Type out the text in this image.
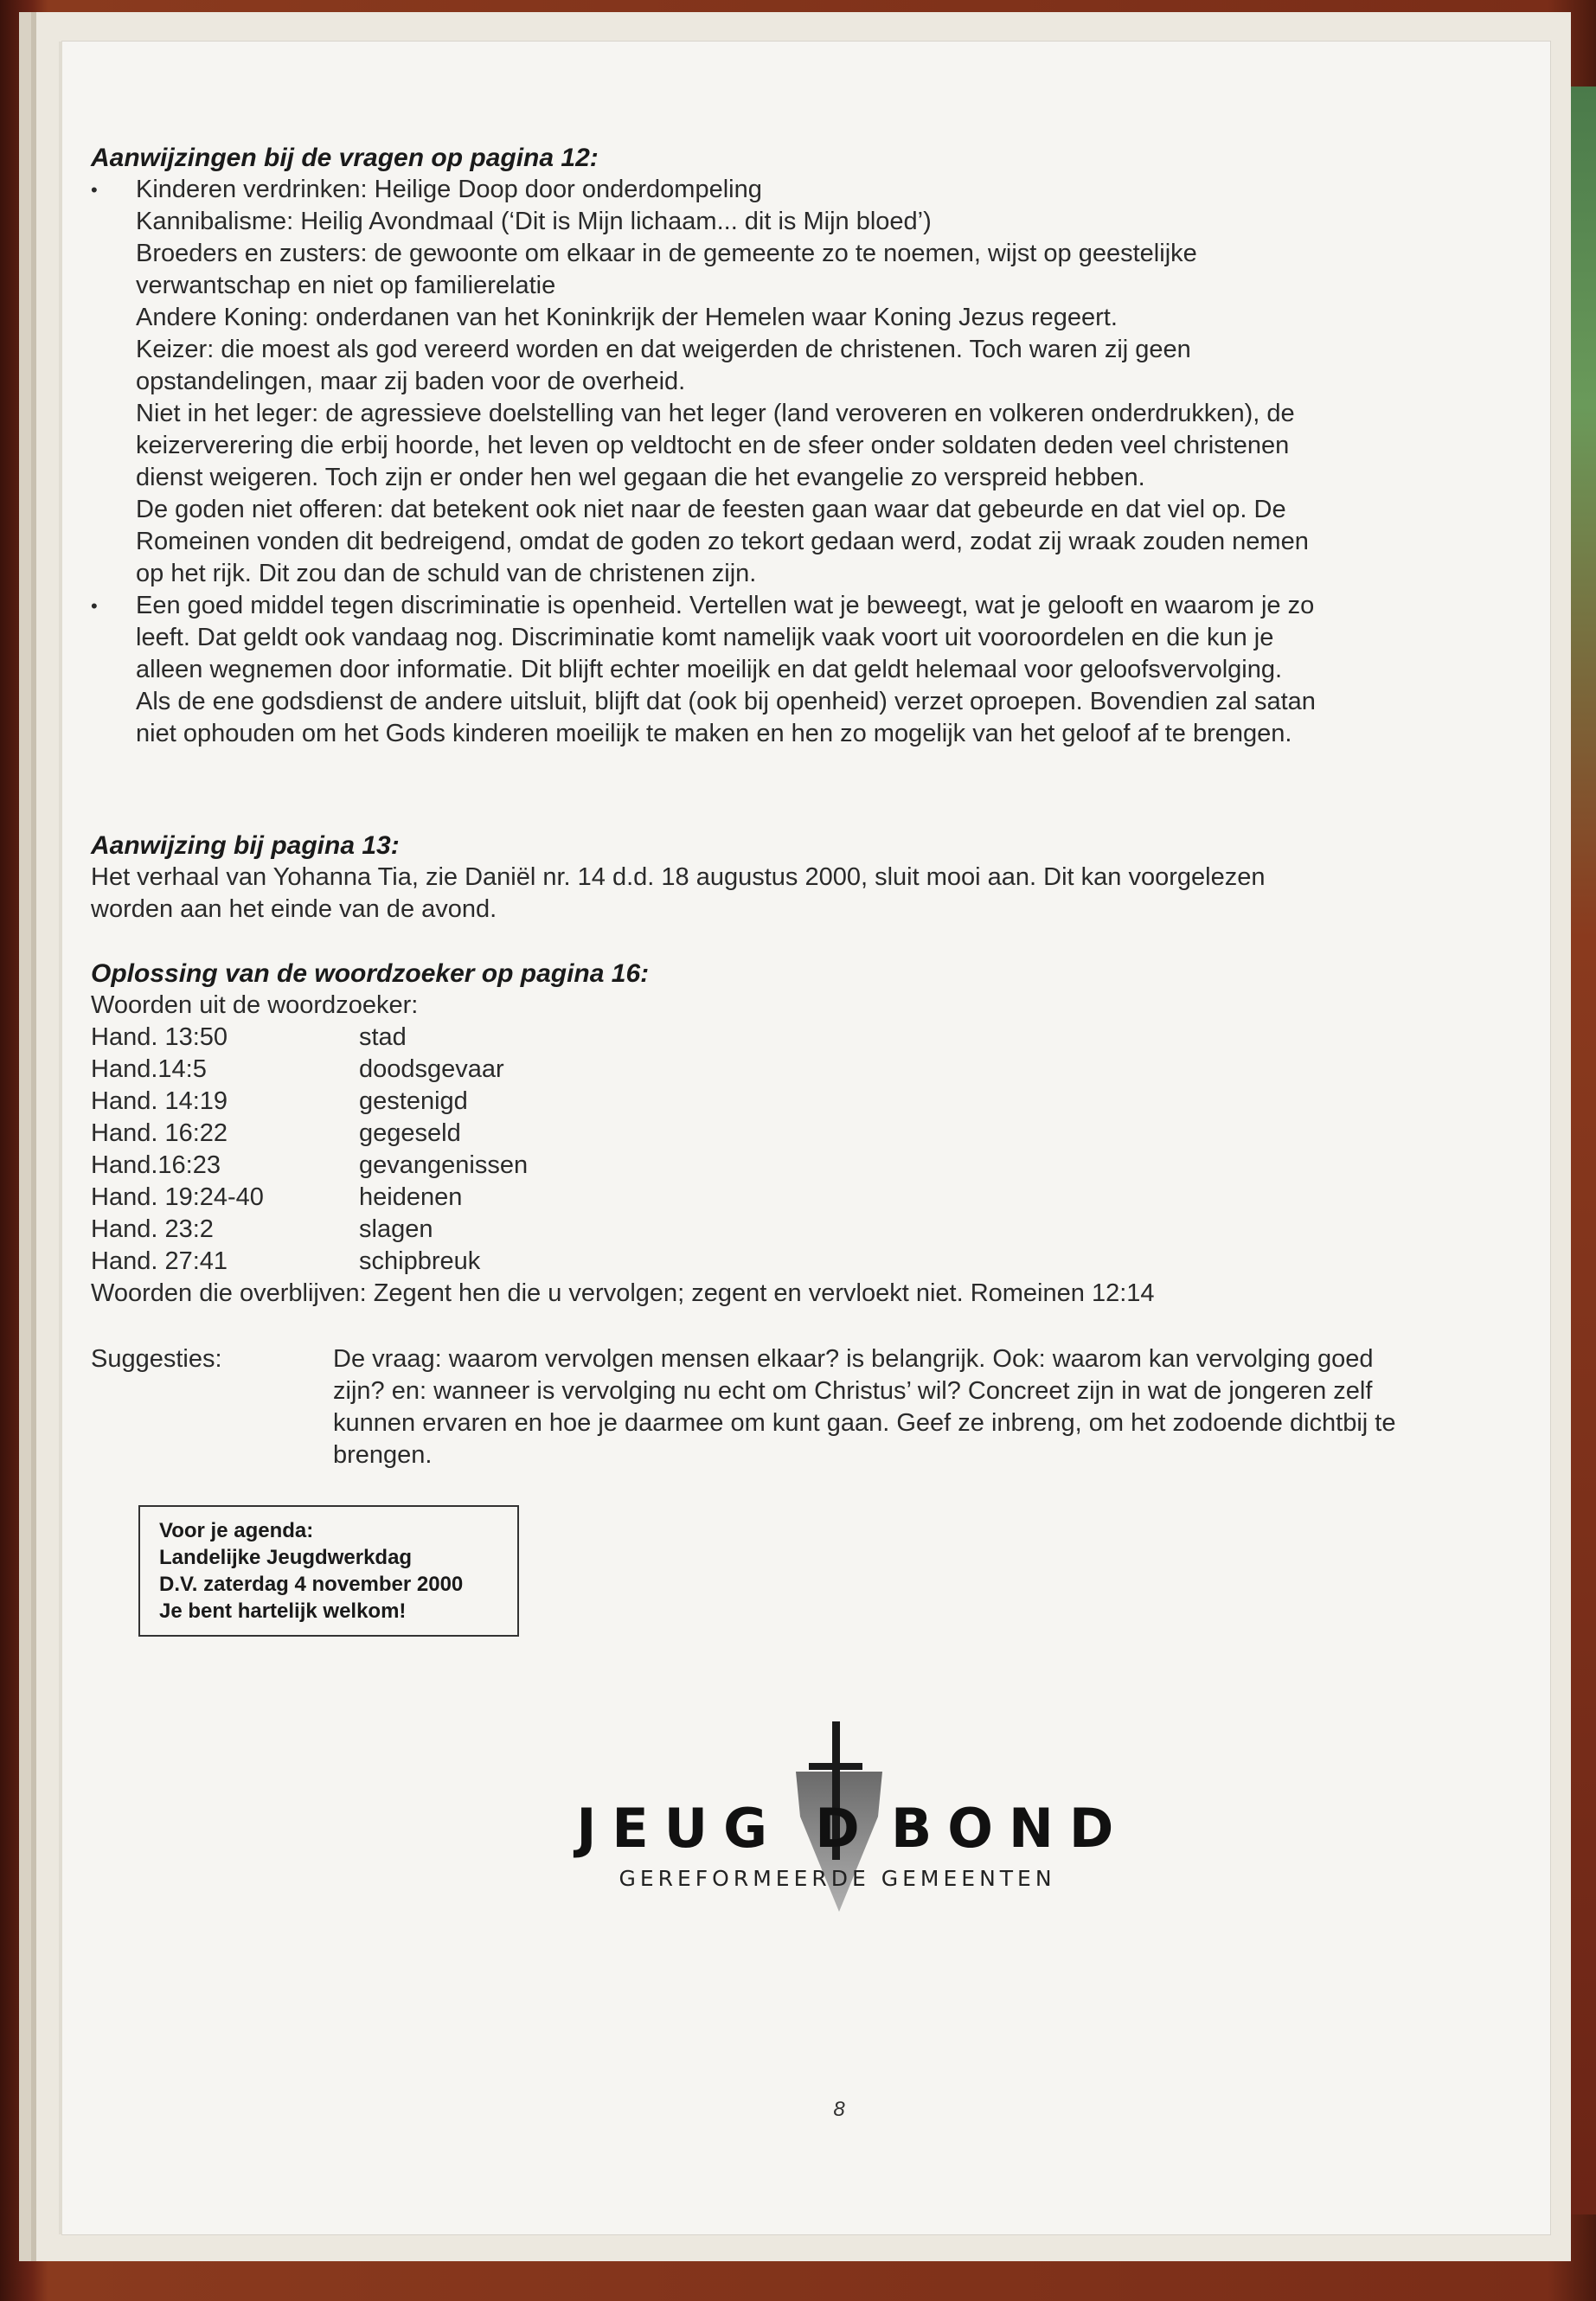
Aanwijzingen bij de vragen op pagina 12:
• Kinderen verdrinken: Heilige Doop door onderdompeling
Kannibalisme: Heilig Avondmaal (‘Dit is Mijn lichaam... dit is Mijn bloed’)
Broeders en zusters: de gewoonte om elkaar in de gemeente zo te noemen, wijst op geestelijke
verwantschap en niet op familierelatie
Andere Koning: onderdanen van het Koninkrijk der Hemelen waar Koning Jezus regeert.
Keizer: die moest als god vereerd worden en dat weigerden de christenen. Toch waren zij geen
opstandelingen, maar zij baden voor de overheid.
Niet in het leger: de agressieve doelstelling van het leger (land veroveren en volkeren onderdrukken), de
keizerverering die erbij hoorde, het leven op veldtocht en de sfeer onder soldaten deden veel christenen
dienst weigeren. Toch zijn er onder hen wel gegaan die het evangelie zo verspreid hebben.
De goden niet offeren: dat betekent ook niet naar de feesten gaan waar dat gebeurde en dat viel op. De
Romeinen vonden dit bedreigend, omdat de goden zo tekort gedaan werd, zodat zij wraak zouden nemen
op het rijk. Dit zou dan de schuld van de christenen zijn.
• Een goed middel tegen discriminatie is openheid. Vertellen wat je beweegt, wat je gelooft en waarom je zo
leeft. Dat geldt ook vandaag nog. Discriminatie komt namelijk vaak voort uit vooroordelen en die kun je
alleen wegnemen door informatie. Dit blijft echter moeilijk en dat geldt helemaal voor geloofsvervolging.
Als de ene godsdienst de andere uitsluit, blijft dat (ook bij openheid) verzet oproepen. Bovendien zal satan
niet ophouden om het Gods kinderen moeilijk te maken en hen zo mogelijk van het geloof af te brengen.
Aanwijzing bij pagina 13:

Het verhaal van Yohanna Tia, zie Daniël nr. 14 d.d. 18 augustus 2000, sluit mooi aan. Dit kan voorgelezen

worden aan het einde van de avond.

Oplossing van de woordzoeker op pagina 16:

Woorden uit de woordzoeker:

Hand. 13:50	stad
Hand.14:5	doodsgevaar
Hand. 14:19	gestenigd
Hand. 16:22	gegeseld
Hand.16:23	gevangenissen
Hand. 19:24-40	heidenen
Hand. 23:2	slagen
Hand. 27:41	schipbreuk

Woorden die overblijven: Zegent hen die u vervolgen; zegent en vervloekt niet. Romeinen 12:14

Suggesties:	De vraag: waarom vervolgen mensen elkaar? is belangrijk. Ook: waarom kan vervolging goed
zijn? en: wanneer is vervolging nu echt om Christus’ wil? Concreet zijn in wat de jongeren zelf
kunnen ervaren en hoe je daarmee om kunt gaan. Geef ze inbreng, om het zodoende dichtbij te
brengen.
Voor je agenda:
Landelijke Jeugdwerkdag
D.V. zaterdag 4 november 2000
Je bent hartelijk welkom!
JEUG D BOND
GEREFORMEERDE GEMEENTEN
8
